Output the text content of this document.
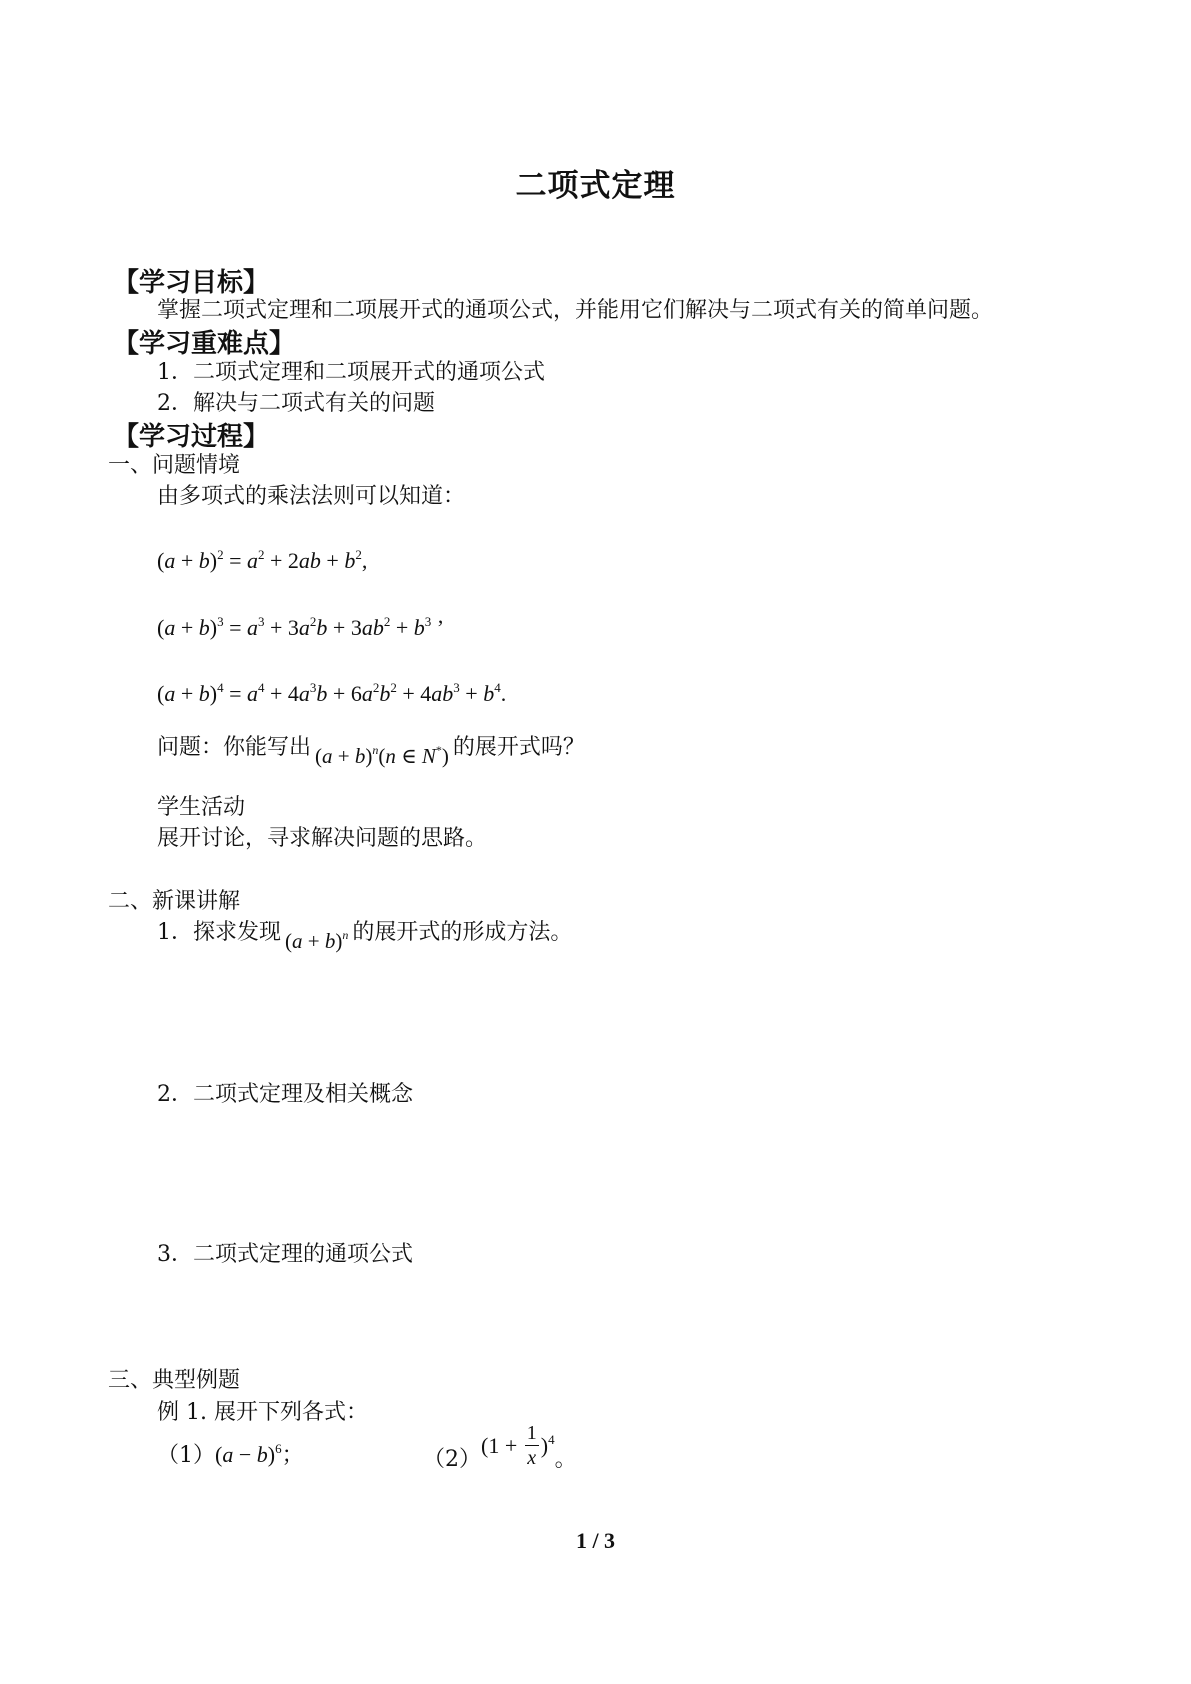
二项式定理
【学习目标】
掌握二项式定理和二项展开式的通项公式，并能用它们解决与二项式有关的简单问题。
【学习重难点】
1．二项式定理和二项展开式的通项公式
2．解决与二项式有关的问题
【学习过程】
一、问题情境
由多项式的乘法法则可以知道：
$(a + b)^2 = a^2 + 2ab + b^2$,
$(a + b)^3 = a^3 + 3a^2b + 3ab^2 + b^3$ ’
$(a + b)^4 = a^4 + 4a^3b + 6a^2b^2 + 4ab^3 + b^4$.
问题：你能写出 $(a + b)^n(n$ ∈ N*) 的展开式吗？
学生活动
展开讨论，寻求解决问题的思路。
二、新课讲解
1．探求发现 $(a + b)^n$ 的展开式的形成方法。
2．二项式定理及相关概念
3．二项式定理的通项公式
三、典型例题
例 1. 展开下列各式：
$(1)(a - b)^6$；	$(2)(1 + \frac{1}{x} )^4$。
1 / 3
